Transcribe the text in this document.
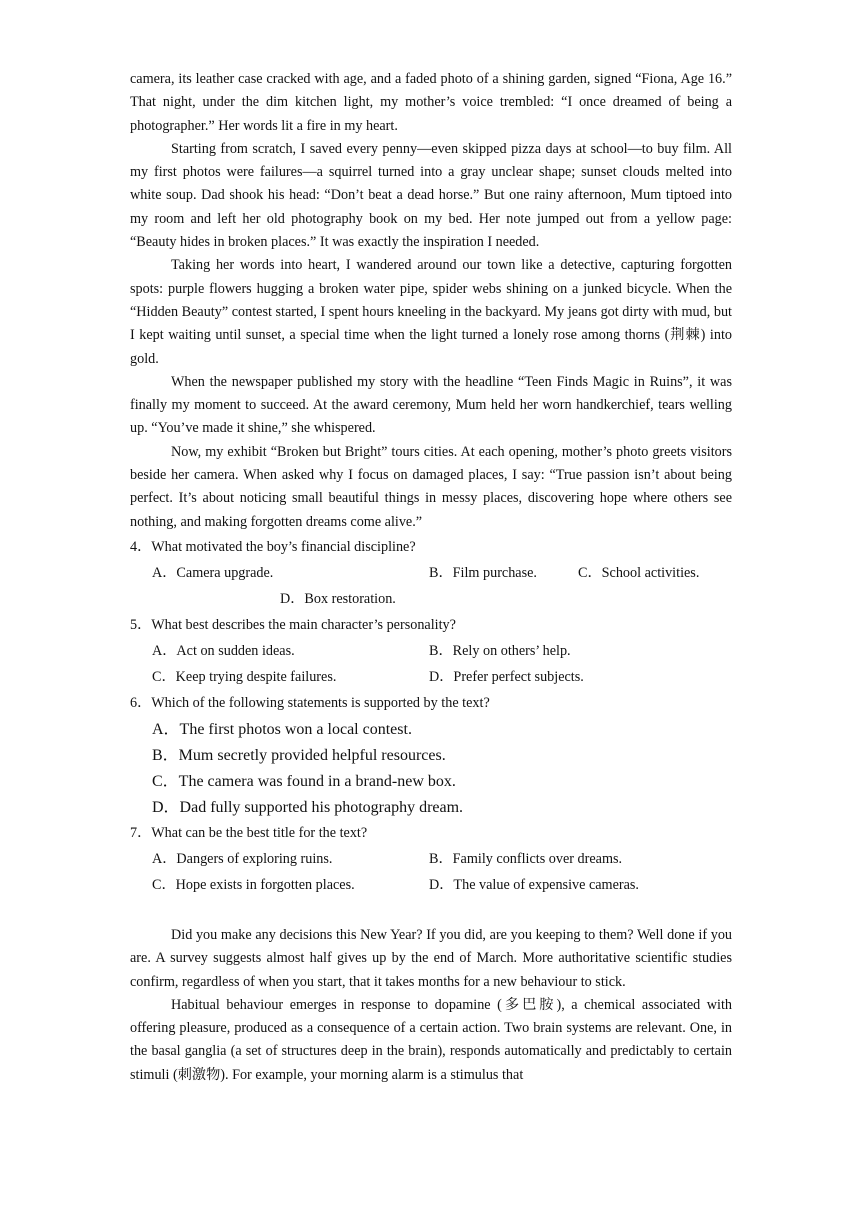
camera, its leather case cracked with age, and a faded photo of a shining garden, signed “Fiona, Age 16.” That night, under the dim kitchen light, my mother’s voice trembled: “I once dreamed of being a photographer.” Her words lit a fire in my heart.

Starting from scratch, I saved every penny—even skipped pizza days at school—to buy film. All my first photos were failures—a squirrel turned into a gray unclear shape; sunset clouds melted into white soup. Dad shook his head: “Don’t beat a dead horse.” But one rainy afternoon, Mum tiptoed into my room and left her old photography book on my bed. Her note jumped out from a yellow page: “Beauty hides in broken places.” It was exactly the inspiration I needed.

Taking her words into heart, I wandered around our town like a detective, capturing forgotten spots: purple flowers hugging a broken water pipe, spider webs shining on a junked bicycle. When the “Hidden Beauty” contest started, I spent hours kneeling in the backyard. My jeans got dirty with mud, but I kept waiting until sunset, a special time when the light turned a lonely rose among thorns (荆棘) into gold.

When the newspaper published my story with the headline “Teen Finds Magic in Ruins”, it was finally my moment to succeed. At the award ceremony, Mum held her worn handkerchief, tears welling up. “You’ve made it shine,” she whispered.

Now, my exhibit “Broken but Bright” tours cities. At each opening, mother’s photo greets visitors beside her camera. When asked why I focus on damaged places, I say: “True passion isn’t about being perfect. It’s about noticing small beautiful things in messy places, discovering hope where others see nothing, and making forgotten dreams come alive.”

4．What motivated the boy’s financial discipline?

A．Camera upgrade.	B．Film purchase.	C．School activities.
D．Box restoration.

5．What best describes the main character’s personality?

A．Act on sudden ideas.	B．Rely on others’ help.
C．Keep trying despite failures.	D．Prefer perfect subjects.

6．Which of the following statements is supported by the text?

A．The first photos won a local contest.
B．Mum secretly provided helpful resources.
C．The camera was found in a brand-new box.
D．Dad fully supported his photography dream.

7．What can be the best title for the text?

A．Dangers of exploring ruins.	B．Family conflicts over dreams.
C．Hope exists in forgotten places.	D．The value of expensive cameras.

Did you make any decisions this New Year? If you did, are you keeping to them? Well done if you are. A survey suggests almost half gives up by the end of March. More authoritative scientific studies confirm, regardless of when you start, that it takes months for a new behaviour to stick.

Habitual behaviour emerges in response to dopamine (多巴胺), a chemical associated with offering pleasure, produced as a consequence of a certain action. Two brain systems are relevant. One, in the basal ganglia (a set of structures deep in the brain), responds automatically and predictably to certain stimuli (刺激物). For example, your morning alarm is a stimulus that
